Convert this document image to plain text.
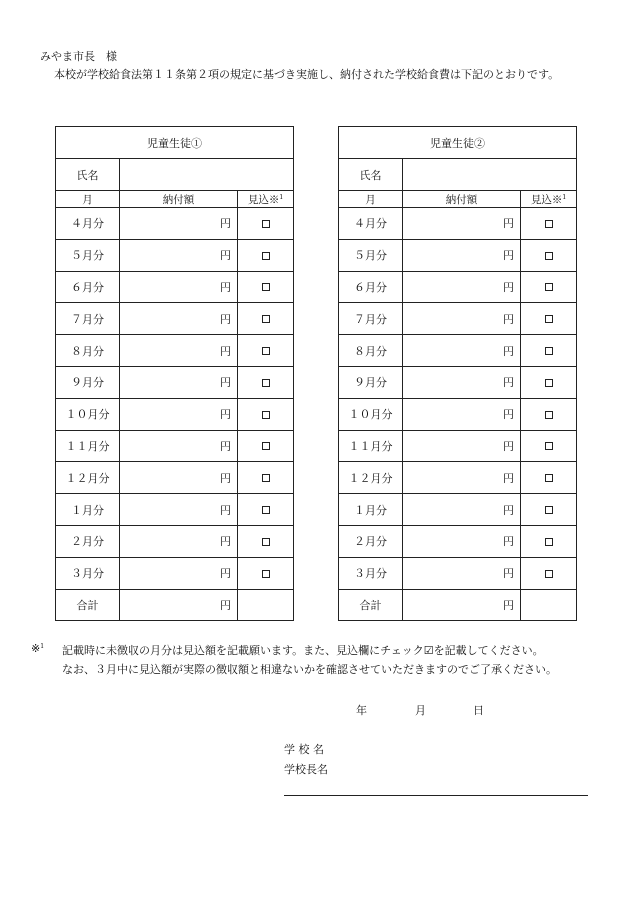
みやま市長　様
本校が学校給食法第１１条第２項の規定に基づき実施し、納付された学校給食費は下記のとおりです。
児童生徒①		
氏名		
月	納付額	見込※$^1$
４月分	円	
５月分	円	
６月分	円	
７月分	円	
８月分	円	
９月分	円	
１０月分	円	
１１月分	円	
１２月分	円	
１月分	円	
２月分	円	
３月分	円	
合計	円	
児童生徒②		
氏名		
月	納付額	見込※$^1$
４月分	円	
５月分	円	
６月分	円	
７月分	円	
８月分	円	
９月分	円	
１０月分	円	
１１月分	円	
１２月分	円	
１月分	円	
２月分	円	
３月分	円	
合計	円	
※$^1$ 記載時に未徴収の月分は見込額を記載願います。また、見込欄にチェック☑を記載してください。
なお、３月中に見込額が実際の徴収額と相違ないかを確認させていただきますのでご了承ください。
年	月	日
学 校 名
学校長名
